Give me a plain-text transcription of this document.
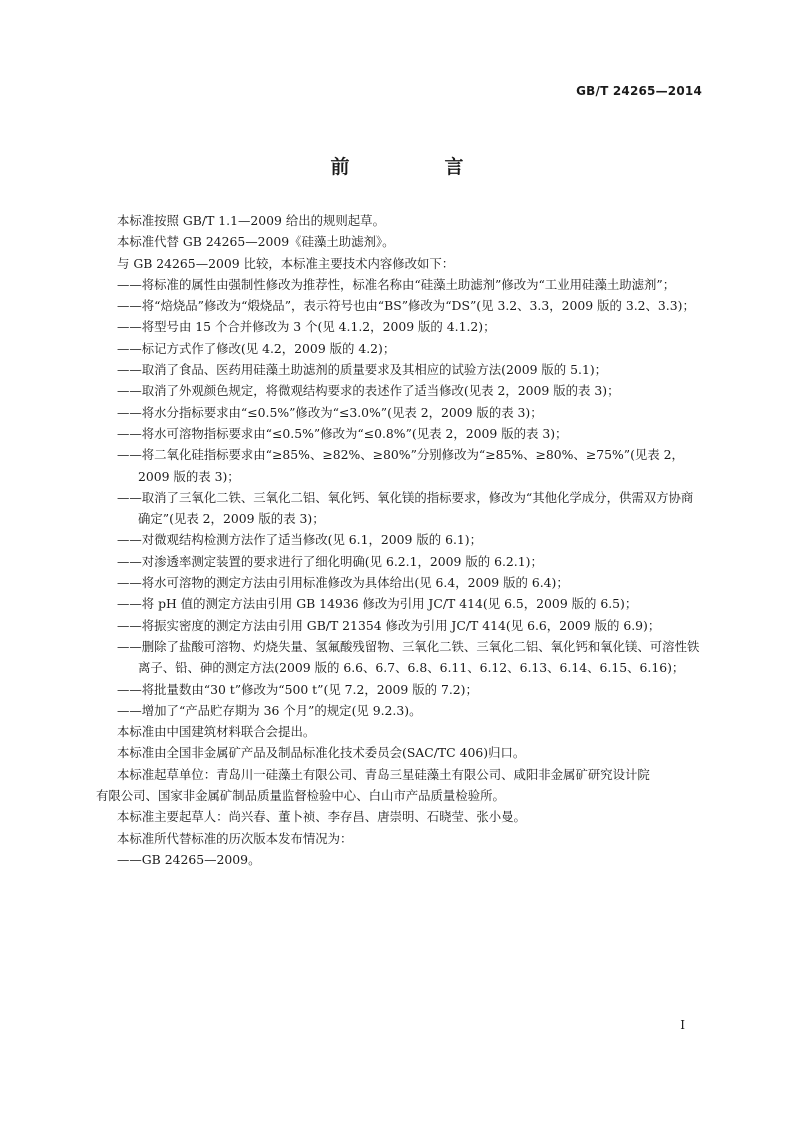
GB/T 24265—2014
前　言
本标准按照 GB/T 1.1—2009 给出的规则起草。
本标准代替 GB 24265—2009《硅藻土助滤剂》。
与 GB 24265—2009 比较，本标准主要技术内容修改如下：
——将标准的属性由强制性修改为推荐性，标准名称由“硅藻土助滤剂”修改为“工业用硅藻土助滤剂”；
——将“焙烧品”修改为“煅烧品”，表示符号也由“BS”修改为“DS”(见 3.2、3.3，2009 版的 3.2、3.3)；
——将型号由 15 个合并修改为 3 个(见 4.1.2，2009 版的 4.1.2)；
——标记方式作了修改(见 4.2，2009 版的 4.2)；
——取消了食品、医药用硅藻土助滤剂的质量要求及其相应的试验方法(2009 版的 5.1)；
——取消了外观颜色规定，将微观结构要求的表述作了适当修改(见表 2，2009 版的表 3)；
——将水分指标要求由“≤0.5%”修改为“≤3.0%”(见表 2，2009 版的表 3)；
——将水可溶物指标要求由“≤0.5%”修改为“≤0.8%”(见表 2，2009 版的表 3)；
——将二氧化硅指标要求由“≥85%、≥82%、≥80%”分别修改为“≥85%、≥80%、≥75%”(见表 2，2009 版的表 3)；
——取消了三氧化二铁、三氧化二铝、氧化钙、氧化镁的指标要求，修改为“其他化学成分，供需双方协商确定”(见表 2，2009 版的表 3)；
——对微观结构检测方法作了适当修改(见 6.1，2009 版的 6.1)；
——对渗透率测定装置的要求进行了细化明确(见 6.2.1，2009 版的 6.2.1)；
——将水可溶物的测定方法由引用标准修改为具体给出(见 6.4，2009 版的 6.4)；
——将 pH 值的测定方法由引用 GB 14936 修改为引用 JC/T 414(见 6.5，2009 版的 6.5)；
——将振实密度的测定方法由引用 GB/T 21354 修改为引用 JC/T 414(见 6.6，2009 版的 6.9)；
——删除了盐酸可溶物、灼烧失量、氢氟酸残留物、三氧化二铁、三氧化二铝、氧化钙和氧化镁、可溶性铁离子、铅、砷的测定方法(2009 版的 6.6、6.7、6.8、6.11、6.12、6.13、6.14、6.15、6.16)；
——将批量数由“30 t”修改为“500 t”(见 7.2，2009 版的 7.2)；
——增加了“产品贮存期为 36 个月”的规定(见 9.2.3)。
本标准由中国建筑材料联合会提出。
本标准由全国非金属矿产品及制品标准化技术委员会(SAC/TC 406)归口。
本标准起草单位：青岛川一硅藻土有限公司、青岛三星硅藻土有限公司、咸阳非金属矿研究设计院
有限公司、国家非金属矿制品质量监督检验中心、白山市产品质量检验所。
本标准主要起草人：尚兴春、董卜祯、李存昌、唐崇明、石晓莹、张小曼。
本标准所代替标准的历次版本发布情况为：
——GB 24265—2009。
I
